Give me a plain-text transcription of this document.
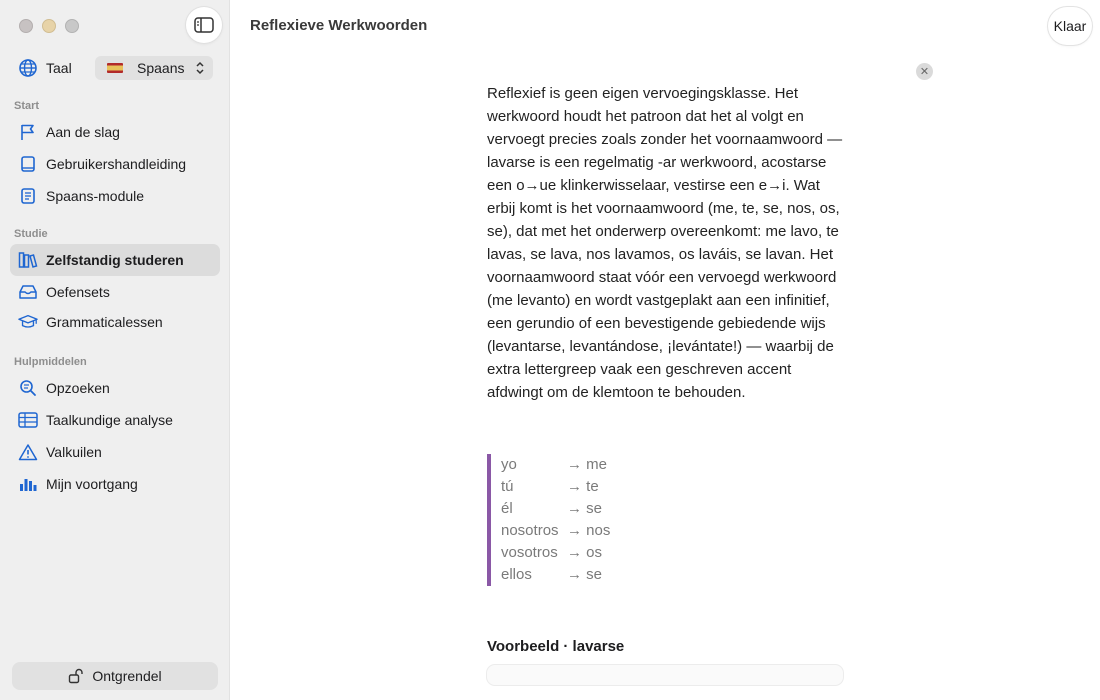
Taal	Spaans
Start
Aan de slag
Gebruikershandleiding
Spaans-module
Studie
Zelfstandig studeren
Oefensets
Grammaticalessen
Hulpmiddelen
Opzoeken
Taalkundige analyse
Valkuilen
Mijn voortgang
Ontgrendel
Reflexieve Werkwoorden	Klaar
✕

Reflexief is geen eigen vervoegingsklasse. Het werkwoord houdt het patroon dat het al volgt en vervoegt precies zoals zonder het voornaamwoord — lavarse is een regelmatig -ar werkwoord, acostarse een o→ue klinkerwisselaar, vestirse een e→i. Wat erbij komt is het voornaamwoord (me, te, se, nos, os, se), dat met het onderwerp overeenkomt: me lavo, te lavas, se lava, nos lavamos, os laváis, se lavan. Het voornaamwoord staat vóór een vervoegd werkwoord (me levanto) en wordt vastgeplakt aan een infinitief, een gerundio of een bevestigende gebiedende wijs (levantarse, levantándose, ¡levántate!) — waarbij de extra lettergreep vaak een geschreven accent afdwingt om de klemtoon te behouden.

yo	→ me
tú	→ te
él	→ se
nosotros → nos
vosotros → os
ellos	→ se
Voorbeeld · lavarse
